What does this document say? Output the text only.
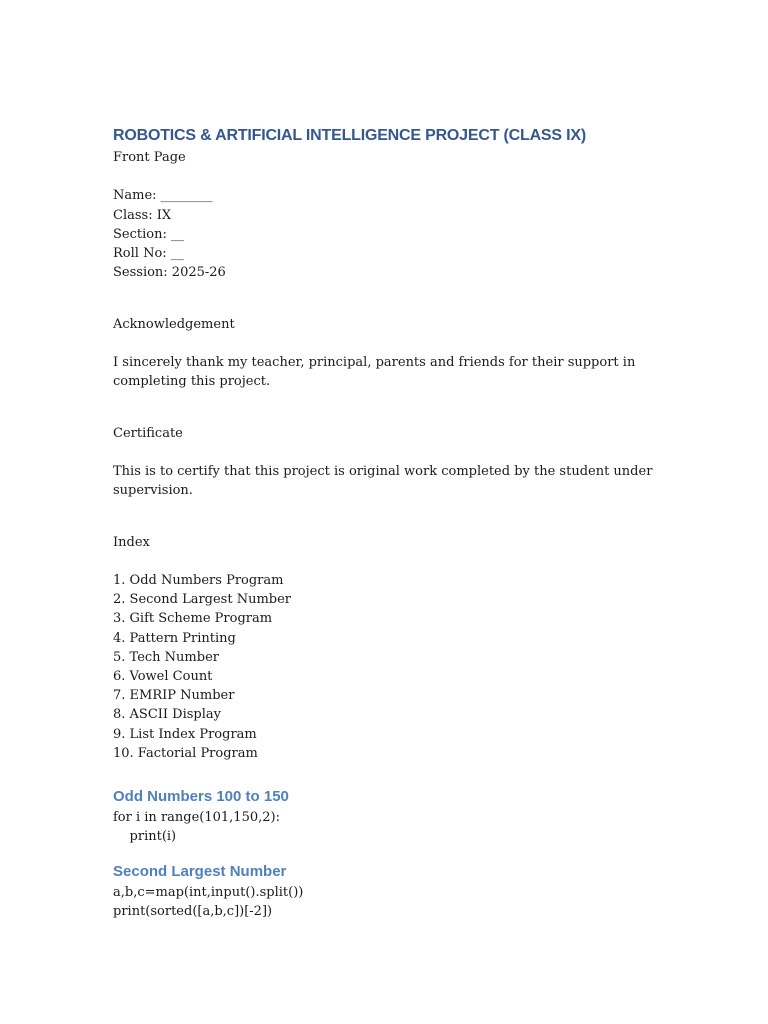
ROBOTICS & ARTIFICIAL INTELLIGENCE PROJECT (CLASS IX)

Front Page

Name: ________

Class: IX

Section: __

Roll No: __

Session: 2025-26

Acknowledgement

I sincerely thank my teacher, principal, parents and friends for their support in completing this project.

Certificate

This is to certify that this project is original work completed by the student under supervision.

Index

1. Odd Numbers Program

2. Second Largest Number

3. Gift Scheme Program

4. Pattern Printing

5. Tech Number

6. Vowel Count

7. EMRIP Number

8. ASCII Display

9. List Index Program

10. Factorial Program

Odd Numbers 100 to 150

for i in range(101,150,2):

print(i)

Second Largest Number

a,b,c=map(int,input().split())

print(sorted([a,b,c])[-2])
